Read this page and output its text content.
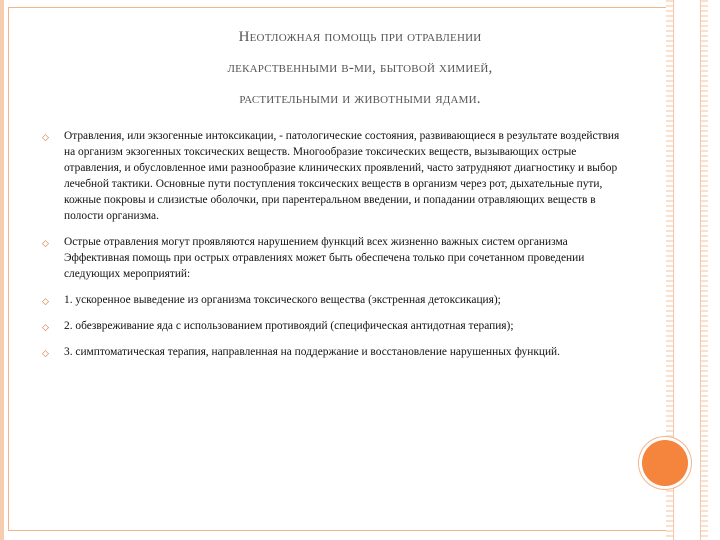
Неотложная помощь при отравлении
лекарственными в-ми, бытовой химией,
растительными и животными ядами.
◇ Отравления, или экзогенные интоксикации, - патологические состояния, развивающиеся в результате воздействия на организм экзогенных токсических веществ. Многообразие токсических веществ, вызывающих острые отравления, и обусловленное ими разнообразие клинических проявлений, часто затрудняют диагностику и выбор лечебной тактики. Основные пути поступления токсических веществ в организм через рот, дыхательные пути, кожные покровы и слизистые оболочки, при парентеральном введении, и попадании отравляющих веществ в полости организма.
◇ Острые отравления могут проявляются нарушением функций всех жизненно важных систем организма Эффективная помощь при острых отравлениях может быть обеспечена только при сочетанном проведении следующих мероприятий:
◇ 1. ускоренное выведение из организма токсического вещества (экстренная детоксикация);
◇ 2. обезвреживание яда с использованием противоядий (специфическая антидотная терапия);
◇ 3. симптоматическая терапия, направленная на поддержание и восстановление нарушенных функций.
